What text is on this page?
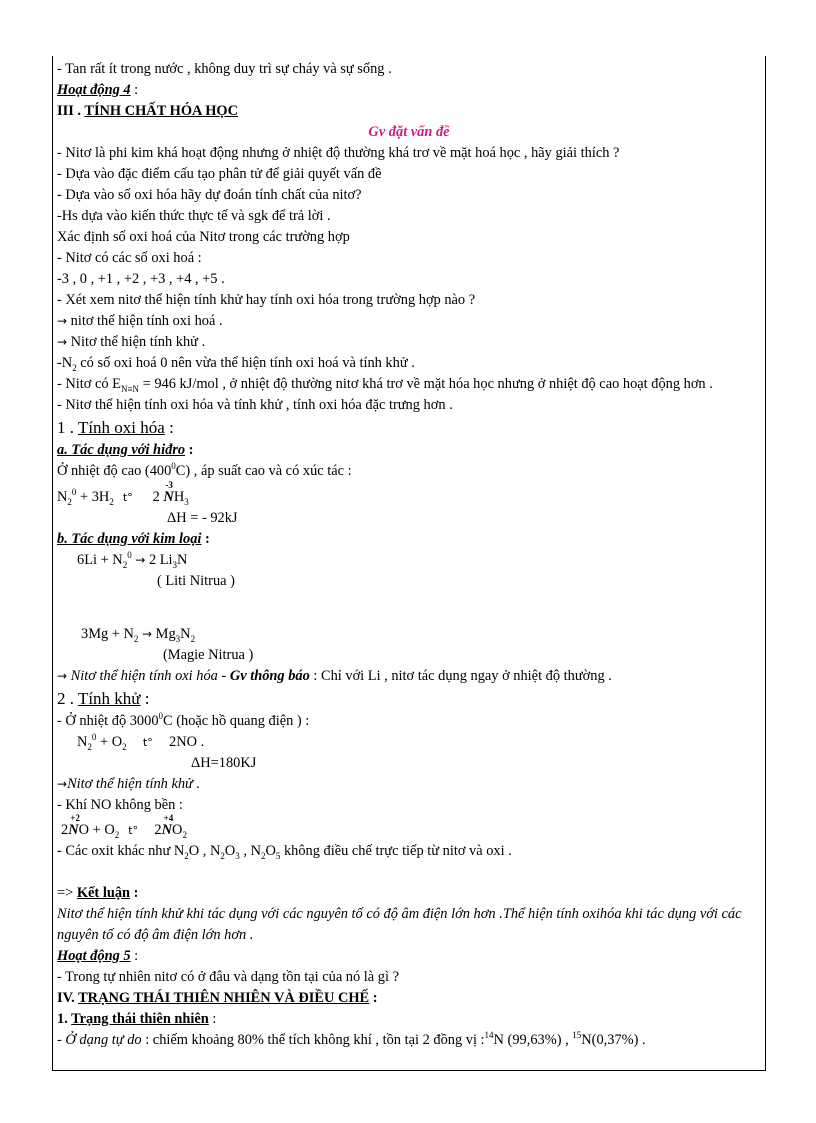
- Tan rất ít trong nước , không duy trì sự cháy và sự sống .

Hoạt động 4 :

III . TÍNH CHẤT HÓA HỌC

Gv đặt vấn đề

- Nitơ là phi kim khá hoạt động nhưng ở nhiệt độ thường khá trơ về mặt hoá học , hãy giải thích ?

- Dựa vào đặc điểm cấu tạo phân tử để giải quyết vấn đề

- Dựa vào số oxi hóa hãy dự đoán tính chất của nitơ?

-Hs dựa vào kiến thức thực tế và sgk để trả lời .

Xác định số oxi hoá của Nitơ trong các trường hợp

- Nitơ có các số oxi hoá :

-3 , 0 , +1 , +2 , +3 , +4 , +5 .

- Xét xem nitơ thể hiện tính khử hay tính oxi hóa trong trường hợp nào ?

→ nitơ thể hiện tính oxi hoá .

→ Nitơ thể hiện tính khử .

$-N_2$ có số oxi hoá 0 nên vừa thể hiện tính oxi hoá và tính khử .

- Nitơ có $E_{N\equiv N} = 946$ kJ/mol , ở nhiệt độ thường nitơ khá trơ về mặt hóa học nhưng ở nhiệt độ cao hoạt động hơn .

- Nitơ thể hiện tính oxi hóa và tính khử , tính oxi hóa đặc trưng hơn .

1 . Tính oxi hóa :

a. Tác dụng với hiđro :

Ở nhiệt độ cao $(400^0C)$ , áp suất cao và có xúc tác :

$N_2^0 + 3H_2$ t° 2
-3
$NH_3$

ΔH = - 92kJ

b. Tác dụng với kim loại :

$6Li + N_2^0 \to 2$ $Li_3N$

( Liti Nitrua )

$3Mg + N_2 \to Mg_3N_2$

(Magie Nitrua )

→ Nitơ thể hiện tính oxi hóa - Gv thông báo : Chỉ với Li , nitơ tác dụng ngay ở nhiệt độ thường .

2 . Tính khử :

- Ở nhiệt độ 3000$^0$C (hoặc hồ quang điện ) :

$N_2^0 + O_2$ t° 2NO .

ΔH=180KJ

→Nitơ thể hiện tính khử .

- Khí NO không bền :

2
+2
NO + $O_2$ t° 2
+4
$NO_2$

- Các oxit khác như $N_2O$ , $N_2O_3$ , $N_2O_5$ không điều chế trực tiếp từ nitơ và oxi .

=> Kết luận :

Nitơ thể hiện tính khử khi tác dụng với các nguyên tố có độ âm điện lớn hơn .Thể hiện tính oxihóa khi tác dụng với các nguyên tố có độ âm điện lớn hơn .

Hoạt động 5 :

- Trong tự nhiên nitơ có ở đâu và dạng tồn tại của nó là gì ?

IV. TRẠNG THÁI THIÊN NHIÊN VÀ ĐIỀU CHẾ :

1. Trạng thái thiên nhiên :

- Ở dạng tự do : chiếm khoảng 80% thể tích không khí , tồn tại 2 đồng vị :$^{14}$N (99,63%) , $^{15}$N(0,37%) .
